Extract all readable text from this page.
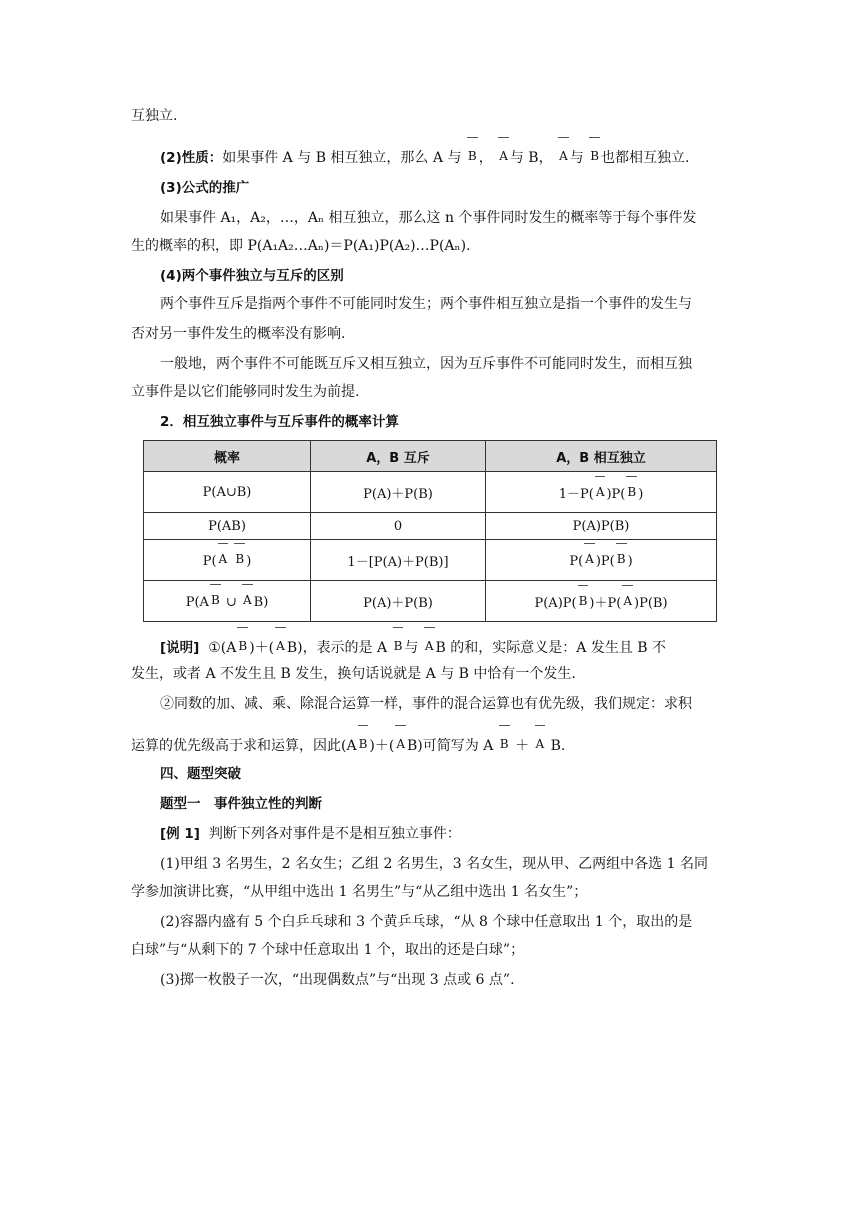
互独立.
(2)性质：如果事件 A 与 B 相互独立，那么 A 与 B ， A 与 B， A 与 B 也都相互独立.
(3)公式的推广
如果事件 A₁，A₂，…，Aₙ 相互独立，那么这 n 个事件同时发生的概率等于每个事件发
生的概率的积，即 P(A₁A₂…Aₙ)＝P(A₁)P(A₂)…P(Aₙ).
(4)两个事件独立与互斥的区别
两个事件互斥是指两个事件不可能同时发生；两个事件相互独立是指一个事件的发生与
否对另一事件发生的概率没有影响.
一般地，两个事件不可能既互斥又相互独立，因为互斥事件不可能同时发生，而相互独
立事件是以它们能够同时发生为前提.
2．相互独立事件与互斥事件的概率计算
概率	A，B 互斥	A，B 相互独立
P(A∪B)	P(A)＋P(B)	1－P( A )P( B )
P(AB)	0	P(A)P(B)
P( A B )	1－[P(A)＋P(B)]	P( A )P( B )
P(A B ∪ A B)	P(A)＋P(B)	P(A)P( B )＋P( A )P(B)
[说明] ①(A B )＋( A B)，表示的是 A B 与 A B 的和，实际意义是：A 发生且 B 不
发生，或者 A 不发生且 B 发生，换句话说就是 A 与 B 中恰有一个发生.
②同数的加、减、乘、除混合运算一样，事件的混合运算也有优先级，我们规定：求积
运算的优先级高于求和运算，因此(A B )＋( A B)可简写为 A B ＋ A B.
四、题型突破
题型一　事件独立性的判断
[例 1] 判断下列各对事件是不是相互独立事件：
(1)甲组 3 名男生，2 名女生；乙组 2 名男生，3 名女生，现从甲、乙两组中各选 1 名同
学参加演讲比赛，“从甲组中选出 1 名男生”与“从乙组中选出 1 名女生”；
(2)容器内盛有 5 个白乒乓球和 3 个黄乒乓球，“从 8 个球中任意取出 1 个，取出的是
白球”与“从剩下的 7 个球中任意取出 1 个，取出的还是白球”；
(3)掷一枚骰子一次，“出现偶数点”与“出现 3 点或 6 点”.
